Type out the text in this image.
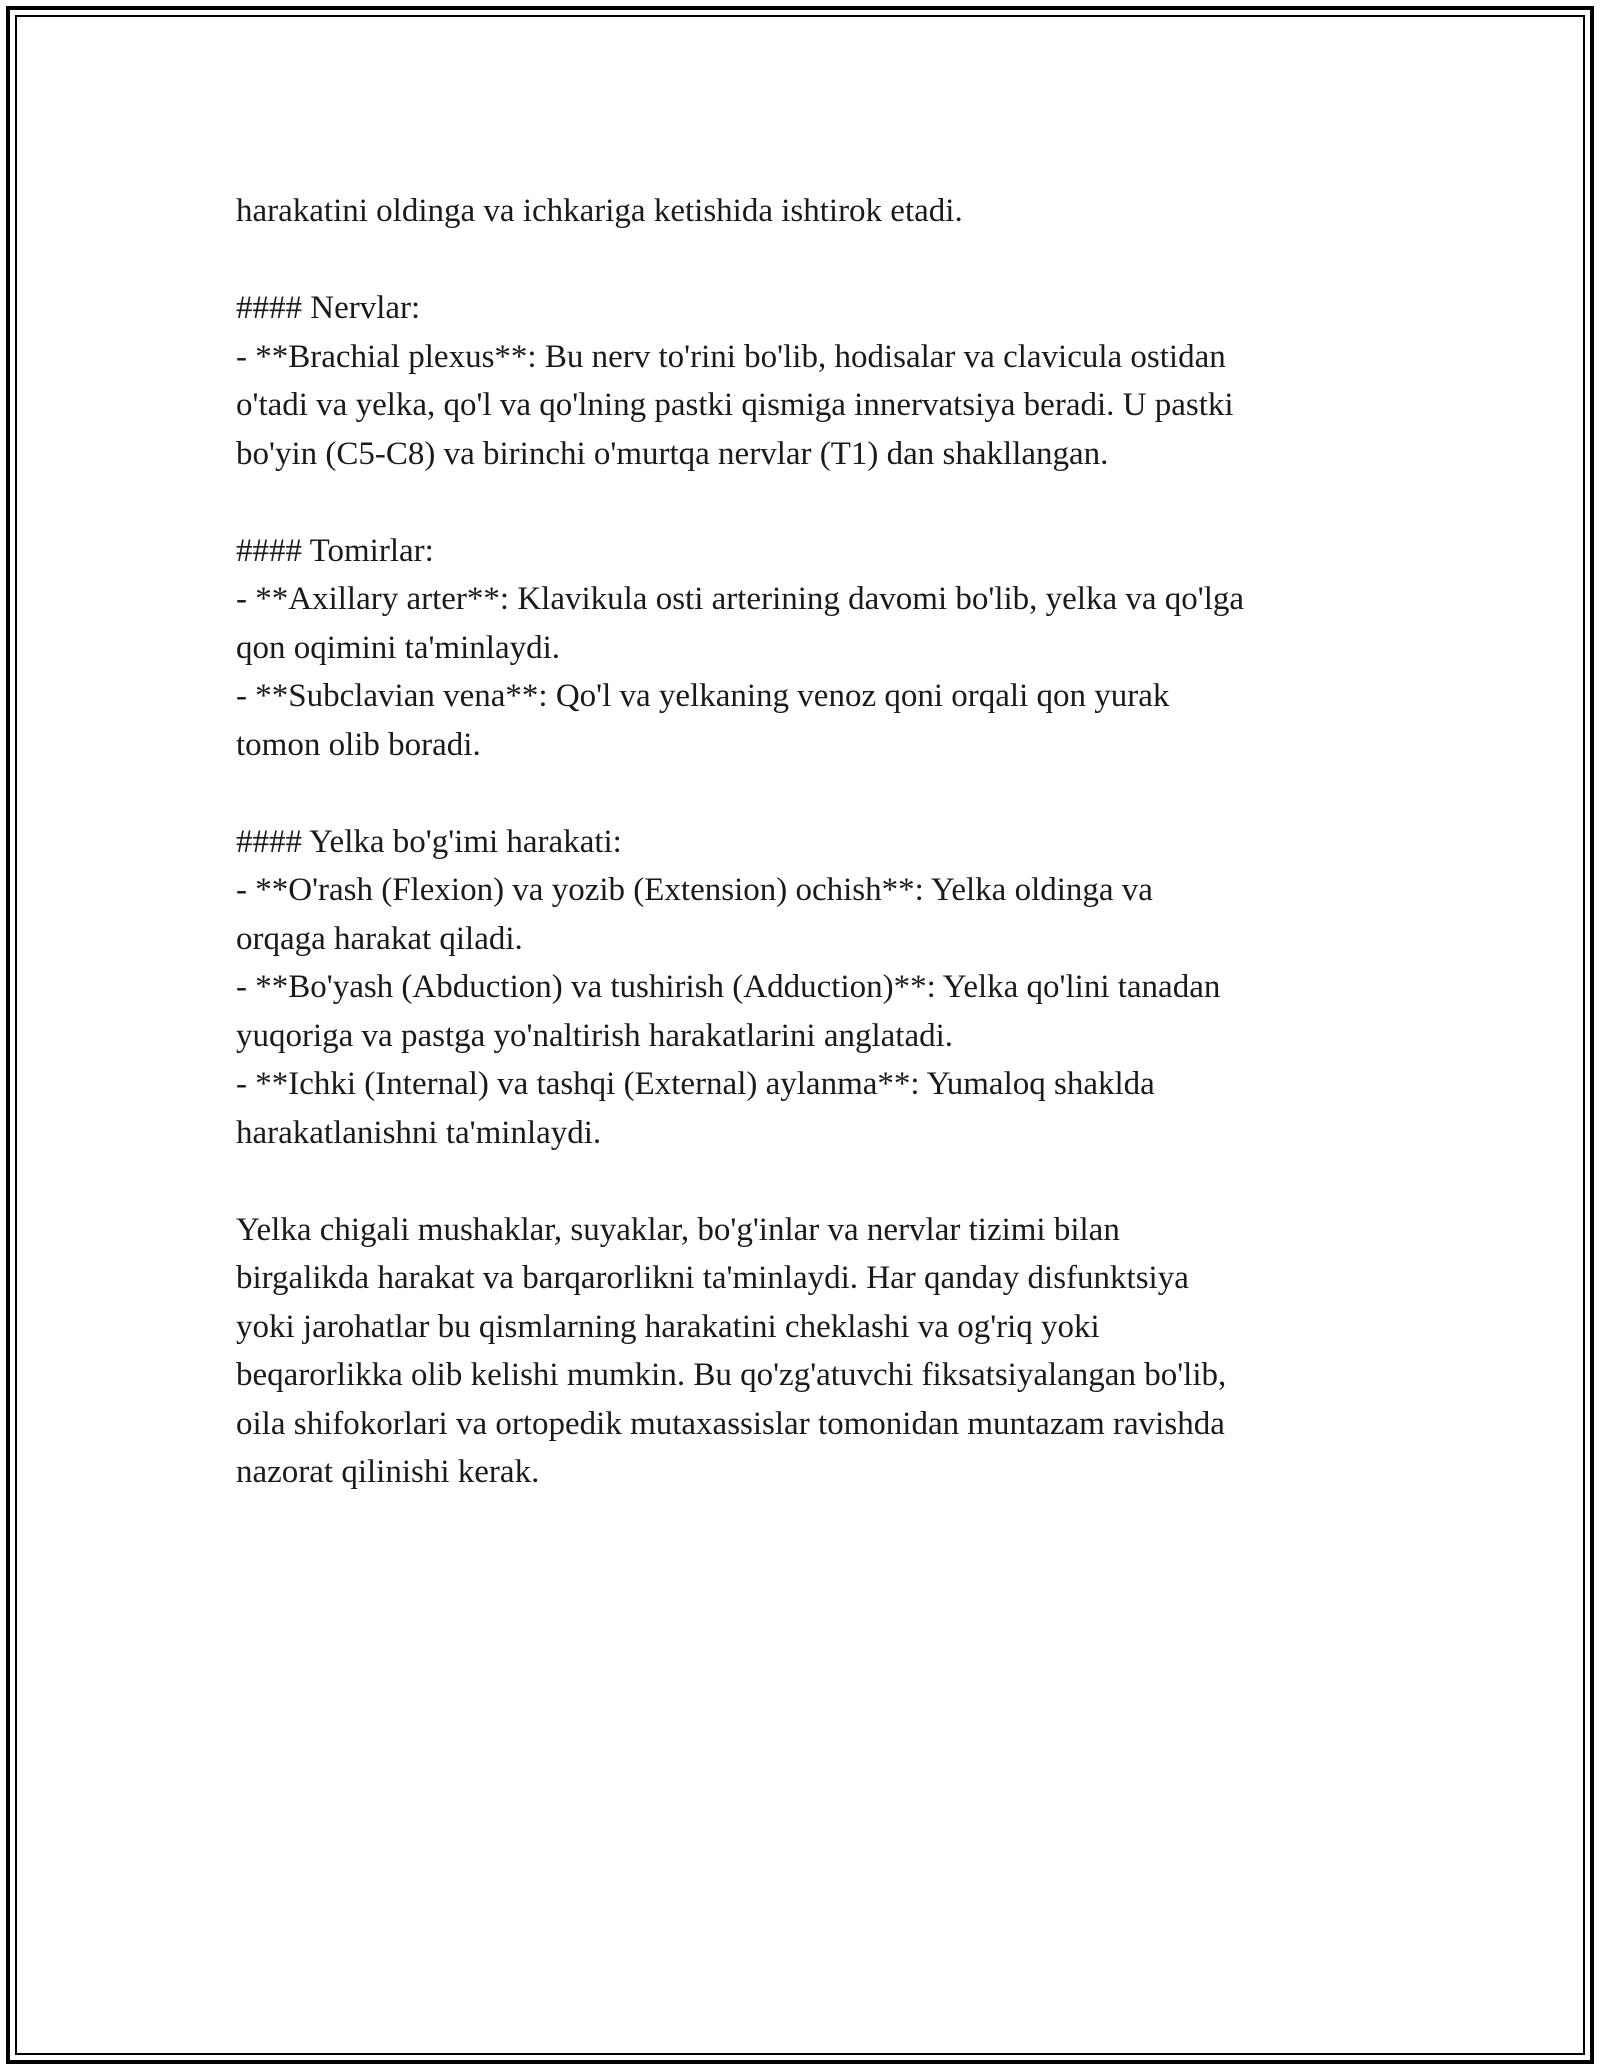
harakatini oldinga va ichkariga ketishida ishtirok etadi.
#### Nervlar:
- **Brachial plexus**: Bu nerv to'rini bo'lib, hodisalar va clavicula ostidan
o'tadi va yelka, qo'l va qo'lning pastki qismiga innervatsiya beradi. U pastki
bo'yin (C5-C8) va birinchi o'murtqa nervlar (T1) dan shakllangan.
#### Tomirlar:
- **Axillary arter**: Klavikula osti arterining davomi bo'lib, yelka va qo'lga
qon oqimini ta'minlaydi.
- **Subclavian vena**: Qo'l va yelkaning venoz qoni orqali qon yurak
tomon olib boradi.
#### Yelka bo'g'imi harakati:
- **O'rash (Flexion) va yozib (Extension) ochish**: Yelka oldinga va
orqaga harakat qiladi.
- **Bo'yash (Abduction) va tushirish (Adduction)**: Yelka qo'lini tanadan
yuqoriga va pastga yo'naltirish harakatlarini anglatadi.
- **Ichki (Internal) va tashqi (External) aylanma**: Yumaloq shaklda
harakatlanishni ta'minlaydi.
Yelka chigali mushaklar, suyaklar, bo'g'inlar va nervlar tizimi bilan
birgalikda harakat va barqarorlikni ta'minlaydi. Har qanday disfunktsiya
yoki jarohatlar bu qismlarning harakatini cheklashi va og'riq yoki
beqarorlikka olib kelishi mumkin. Bu qo'zg'atuvchi fiksatsiyalangan bo'lib,
oila shifokorlari va ortopedik mutaxassislar tomonidan muntazam ravishda
nazorat qilinishi kerak.
